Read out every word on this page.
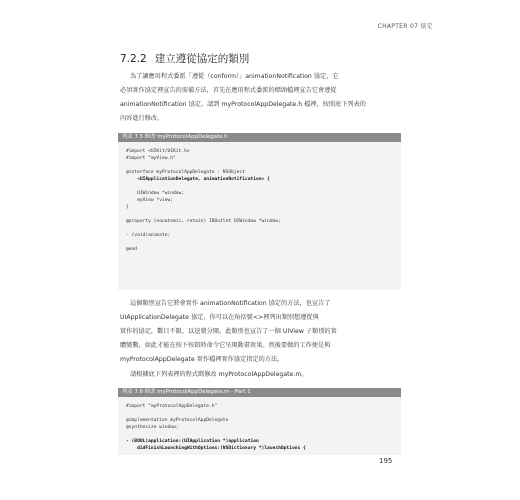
CHAPTER 07 協定
7.2.2 建立遵從協定的類別

為了讓應用程式委派「遵從（conform）」animationNotification 協定，它

必須實作協定裡宣告的需備方法，首先在應用程式委派的標頭檔裡宣告它會遵從

animationNotification 協定。請到 myProtocolAppDelegate.h 檔裡，按照底下列表的

內容進行修改。

列表 7.5 修改 myProtocolAppDelegate.h
#import <UIKit/UIKit.h>
#import "myView.h"
@interface myProtocolAppDelegate : NSObject
<UIApplicationDelegate, animationNotification> {
UIWindow *window;
myView *view;
}
@property (nonatomic, retain) IBOutlet UIWindow *window;
- (void)animate;
@end

這個類別宣告它將會實作 animationNotification 協定的方法，也宣告了

UIApplicationDelegate 協定，你可以在角括號<>裡列出類別想遵從與

實作的協定，數目不限，以逗號分開。此類別也宣告了一個 UIView 子類別的實

體變數，如此才能在按下按鈕時命令它呈現動畫效果。然後要做的工作便是與

myProtocolAppDelegate 實作檔裡實作協定指定的方法。

請根據底下列表裡的程式碼修改 myProtocolAppDelegate.m。

列表 7.6 修改 myProtocolAppDelegate.m - Part 1
#import "myProtocolAppDelegate.h"
@implementation myProtocolAppDelegate
@synthesize window;
- (BOOL)application:(UIApplication *)application
didFinishLaunchingWithOptions:(NSDictionary *)launchOptions {
195
